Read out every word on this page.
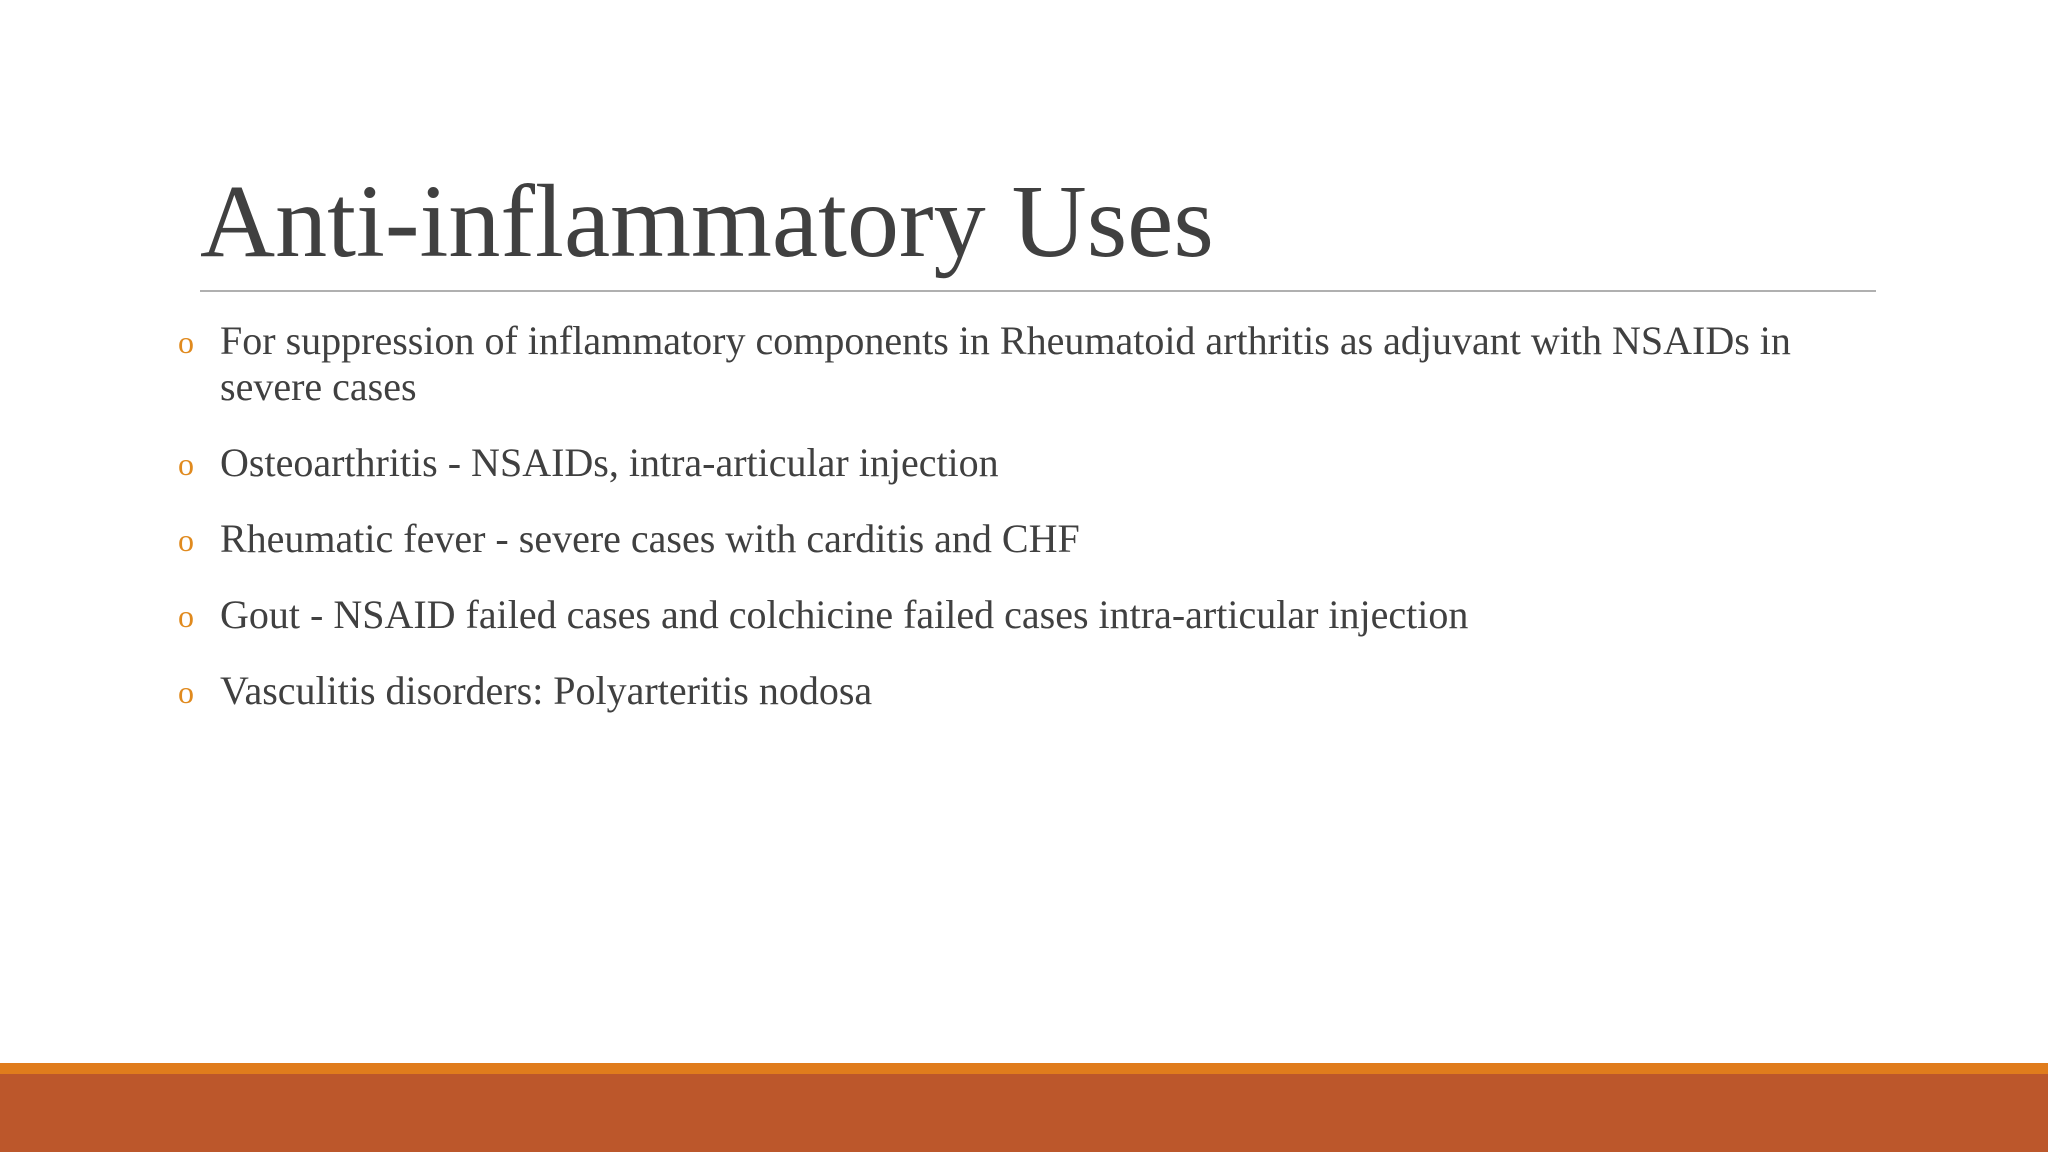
Anti-inflammatory Uses
o For suppression of inflammatory components in Rheumatoid arthritis as adjuvant with NSAIDs in severe cases
o Osteoarthritis - NSAIDs, intra-articular injection
o Rheumatic fever - severe cases with carditis and CHF
o Gout - NSAID failed cases and colchicine failed cases intra-articular injection
o Vasculitis disorders: Polyarteritis nodosa
